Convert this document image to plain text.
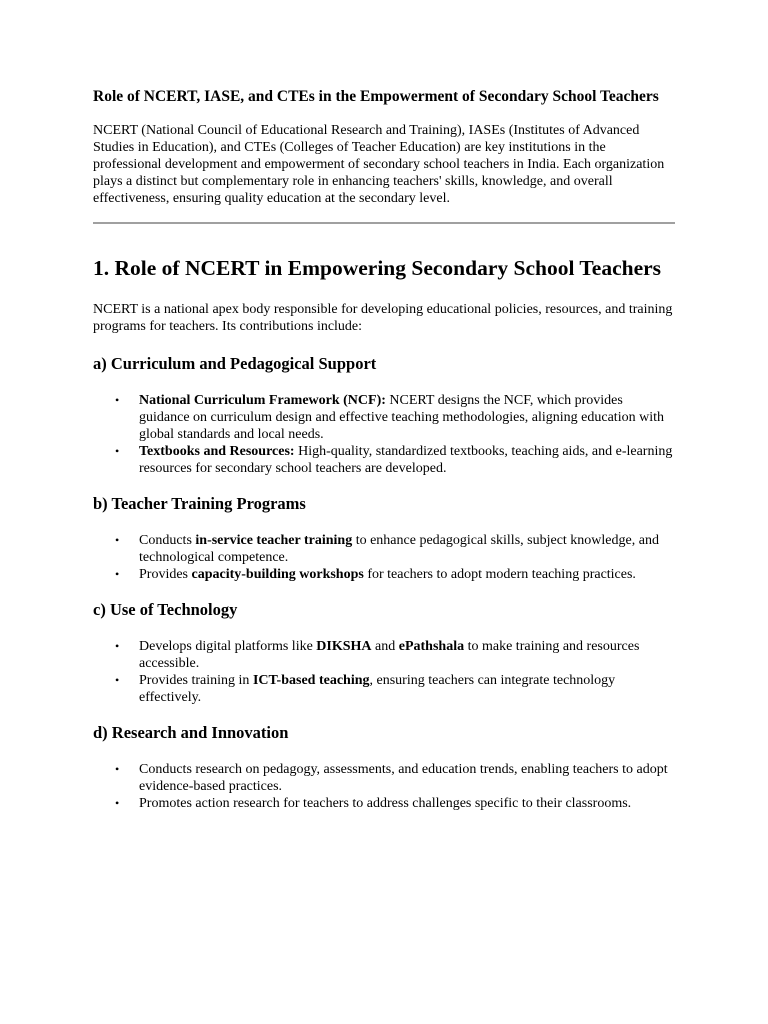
Role of NCERT, IASE, and CTEs in the Empowerment of Secondary School Teachers

NCERT (National Council of Educational Research and Training), IASEs (Institutes of Advanced Studies in Education), and CTEs (Colleges of Teacher Education) are key institutions in the professional development and empowerment of secondary school teachers in India. Each organization plays a distinct but complementary role in enhancing teachers' skills, knowledge, and overall effectiveness, ensuring quality education at the secondary level.

1. Role of NCERT in Empowering Secondary School Teachers

NCERT is a national apex body responsible for developing educational policies, resources, and training programs for teachers. Its contributions include:

a) Curriculum and Pedagogical Support
• National Curriculum Framework (NCF): NCERT designs the NCF, which provides guidance on curriculum design and effective teaching methodologies, aligning education with global standards and local needs.
• Textbooks and Resources: High-quality, standardized textbooks, teaching aids, and e-learning resources for secondary school teachers are developed.
b) Teacher Training Programs
• Conducts in-service teacher training to enhance pedagogical skills, subject knowledge, and technological competence.
• Provides capacity-building workshops for teachers to adopt modern teaching practices.
c) Use of Technology
• Develops digital platforms like DIKSHA and ePathshala to make training and resources accessible.
• Provides training in ICT-based teaching, ensuring teachers can integrate technology effectively.
d) Research and Innovation
• Conducts research on pedagogy, assessments, and education trends, enabling teachers to adopt evidence-based practices.
• Promotes action research for teachers to address challenges specific to their classrooms.
